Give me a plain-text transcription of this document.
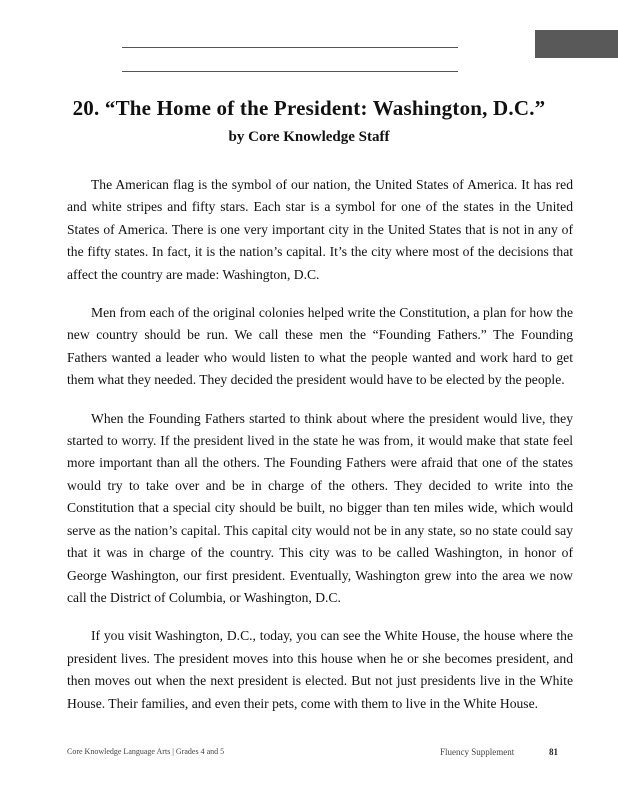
20. “The Home of the President: Washington, D.C.”
by Core Knowledge Staff

The American flag is the symbol of our nation, the United States of America. It has red and white stripes and fifty stars. Each star is a symbol for one of the states in the United States of America. There is one very important city in the United States that is not in any of the fifty states. In fact, it is the nation’s capital. It’s the city where most of the decisions that affect the country are made: Washington, D.C.

Men from each of the original colonies helped write the Constitution, a plan for how the new country should be run. We call these men the “Founding Fathers.” The Founding Fathers wanted a leader who would listen to what the people wanted and work hard to get them what they needed. They decided the president would have to be elected by the people.

When the Founding Fathers started to think about where the president would live, they started to worry. If the president lived in the state he was from, it would make that state feel more important than all the others. The Founding Fathers were afraid that one of the states would try to take over and be in charge of the others. They decided to write into the Constitution that a special city should be built, no bigger than ten miles wide, which would serve as the nation’s capital. This capital city would not be in any state, so no state could say that it was in charge of the country. This city was to be called Washington, in honor of George Washington, our first president. Eventually, Washington grew into the area we now call the District of Columbia, or Washington, D.C.

If you visit Washington, D.C., today, you can see the White House, the house where the president lives. The president moves into this house when he or she becomes president, and then moves out when the next president is elected. But not just presidents live in the White House. Their families, and even their pets, come with them to live in the White House.

Core Knowledge Language Arts | Grades 4 and 5	Fluency Supplement	81
